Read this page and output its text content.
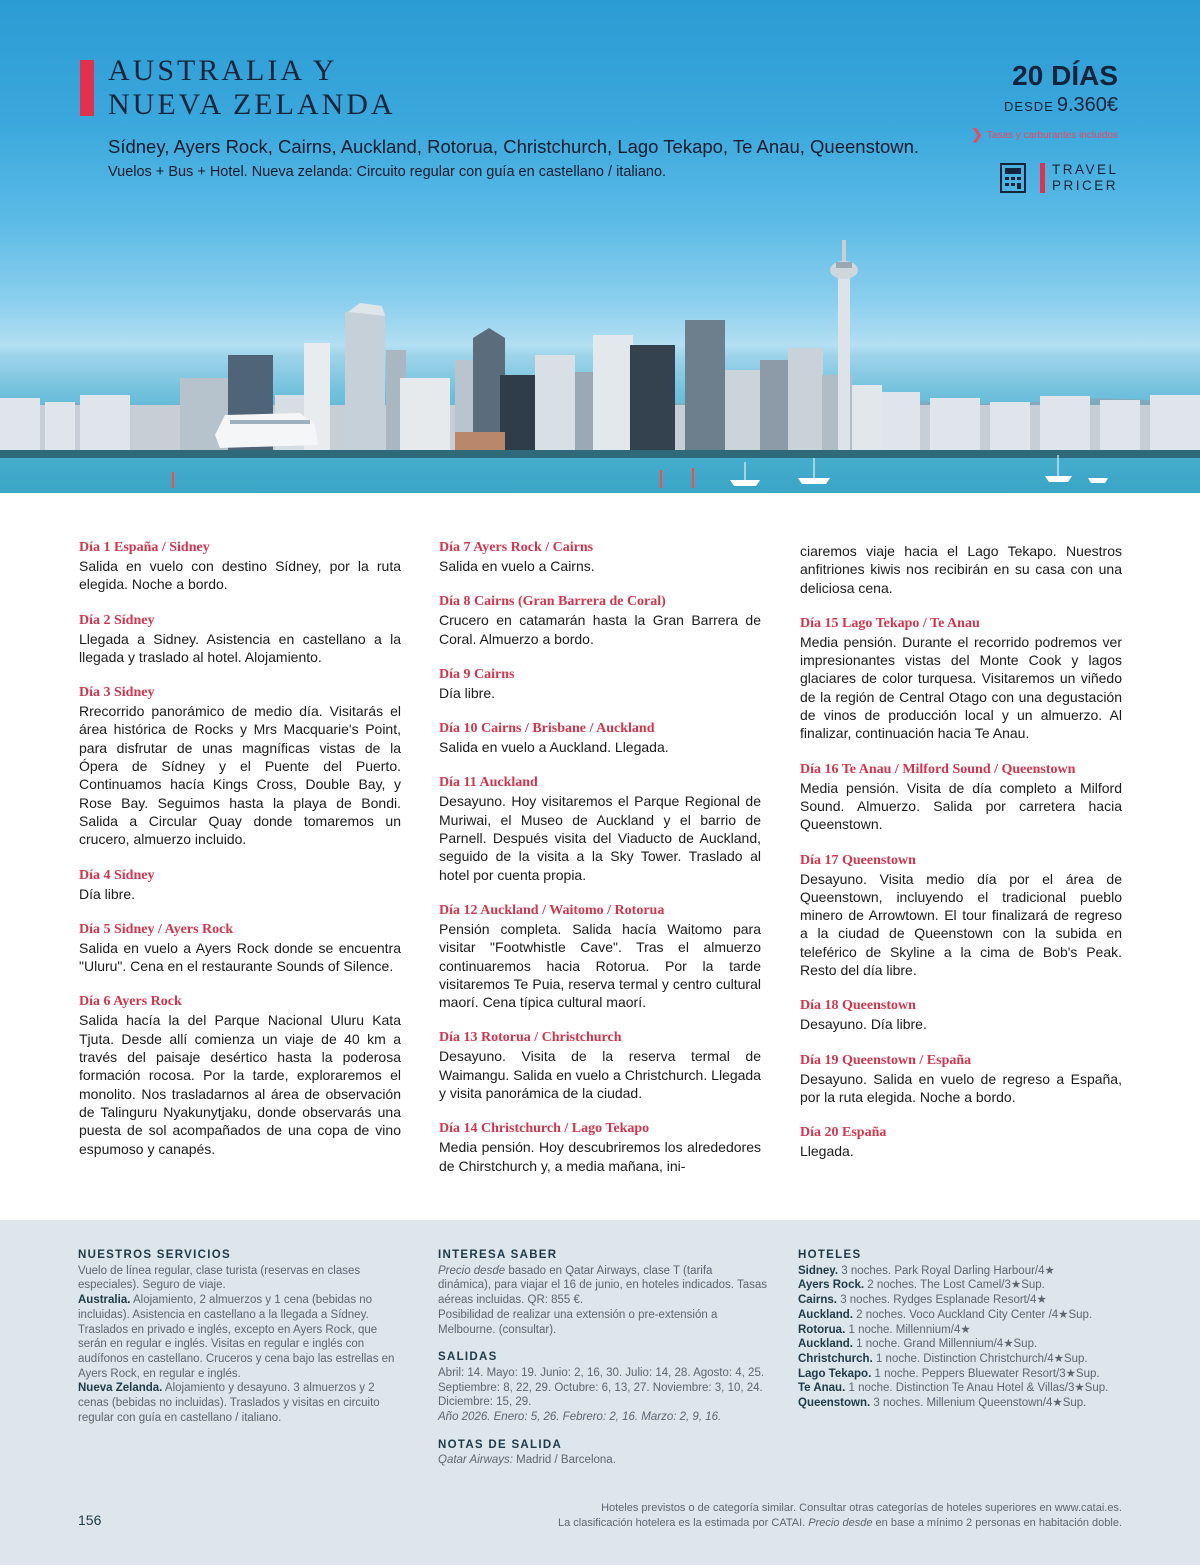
AUSTRALIA Y
NUEVA ZELANDA
Sídney, Ayers Rock, Cairns, Auckland, Rotorua, Christchurch, Lago Tekapo, Te Anau, Queenstown.
Vuelos + Bus + Hotel. Nueva zelanda: Circuito regular con guía en castellano / italiano.
20 DÍAS
DESDE 9.360€
❯ Tasas y carburantes incluidos
TRAVEL
PRICER
Día 1 España / Sidney
Salida en vuelo con destino Sídney, por la ruta elegida. Noche a bordo.
Día 2 Sídney
Llegada a Sidney. Asistencia en castellano a la llegada y traslado al hotel. Alojamiento.
Día 3 Sidney
Rrecorrido panorámico de medio día. Visitarás el área histórica de Rocks y Mrs Macquarie's Point, para disfrutar de unas magníficas vistas de la Ópera de Sídney y el Puente del Puerto. Continuamos hacía Kings Cross, Double Bay, y Rose Bay. Seguimos hasta la playa de Bondi. Salida a Circular Quay donde tomaremos un crucero, almuerzo incluido.
Día 4 Sídney
Día libre.
Día 5 Sidney / Ayers Rock
Salida en vuelo a Ayers Rock donde se encuentra "Uluru". Cena en el restaurante Sounds of Silence.
Día 6 Ayers Rock
Salida hacía la del Parque Nacional Uluru Kata Tjuta. Desde allí comienza un viaje de 40 km a través del paisaje desértico hasta la poderosa formación rocosa. Por la tarde, exploraremos el monolito. Nos trasladarnos al área de observación de Talinguru Nyakunytjaku, donde observarás una puesta de sol acompañados de una copa de vino espumoso y canapés.
Día 7 Ayers Rock / Cairns
Salida en vuelo a Cairns.
Día 8 Cairns (Gran Barrera de Coral)
Crucero en catamarán hasta la Gran Barrera de Coral. Almuerzo a bordo.
Día 9 Cairns
Día libre.
Día 10 Cairns / Brisbane / Auckland
Salida en vuelo a Auckland. Llegada.
Día 11 Auckland
Desayuno. Hoy visitaremos el Parque Regional de Muriwai, el Museo de Auckland y el barrio de Parnell. Después visita del Viaducto de Auckland, seguido de la visita a la Sky Tower. Traslado al hotel por cuenta propia.
Día 12 Auckland / Waitomo / Rotorua
Pensión completa. Salida hacía Waitomo para visitar "Footwhistle Cave". Tras el almuerzo continuaremos hacia Rotorua. Por la tarde visitaremos Te Puia, reserva termal y centro cultural maorí. Cena típica cultural maorí.
Día 13 Rotorua / Christchurch
Desayuno. Visita de la reserva termal de Waimangu. Salida en vuelo a Christchurch. Llegada y visita panorámica de la ciudad.
Día 14 Christchurch / Lago Tekapo
Media pensión. Hoy descubriremos los alrededores de Chirstchurch y, a media mañana, ini-
ciaremos viaje hacia el Lago Tekapo. Nuestros anfitriones kiwis nos recibirán en su casa con una deliciosa cena.
Día 15 Lago Tekapo / Te Anau
Media pensión. Durante el recorrido podremos ver impresionantes vistas del Monte Cook y lagos glaciares de color turquesa. Visitaremos un viñedo de la región de Central Otago con una degustación de vinos de producción local y un almuerzo. Al finalizar, continuación hacia Te Anau.
Día 16 Te Anau / Milford Sound / Queenstown
Media pensión. Visita de día completo a Milford Sound. Almuerzo. Salida por carretera hacia Queenstown.
Día 17 Queenstown
Desayuno. Visita medio día por el área de Queenstown, incluyendo el tradicional pueblo minero de Arrowtown. El tour finalizará de regreso a la ciudad de Queenstown con la subida en teleférico de Skyline a la cima de Bob's Peak. Resto del día libre.
Día 18 Queenstown
Desayuno. Día libre.
Día 19 Queenstown / España
Desayuno. Salida en vuelo de regreso a España, por la ruta elegida. Noche a bordo.
Día 20 España
Llegada.
NUESTROS SERVICIOS
Vuelo de línea regular, clase turista (reservas en clases especiales). Seguro de viaje.
Australia. Alojamiento, 2 almuerzos y 1 cena (bebidas no incluidas). Asistencia en castellano a la llegada a Sídney. Traslados en privado e inglés, excepto en Ayers Rock, que serán en regular e inglés. Visitas en regular e inglés con audífonos en castellano. Cruceros y cena bajo las estrellas en Ayers Rock, en regular e inglés.
Nueva Zelanda. Alojamiento y desayuno. 3 almuerzos y 2 cenas (bebidas no incluidas). Traslados y visitas en circuito regular con guía en castellano / italiano.
INTERESA SABER
Precio desde basado en Qatar Airways, clase T (tarifa dinámica), para viajar el 16 de junio, en hoteles indicados. Tasas aéreas incluidas. QR: 855 €.
Posibilidad de realizar una extensión o pre-extensión a Melbourne. (consultar).
SALIDAS
Abril: 14. Mayo: 19. Junio: 2, 16, 30. Julio: 14, 28. Agosto: 4, 25. Septiembre: 8, 22, 29. Octubre: 6, 13, 27. Noviembre: 3, 10, 24. Diciembre: 15, 29.
Año 2026. Enero: 5, 26. Febrero: 2, 16. Marzo: 2, 9, 16.
NOTAS DE SALIDA
Qatar Airways: Madrid / Barcelona.
HOTELES
Sidney. 3 noches. Park Royal Darling Harbour/4★
Ayers Rock. 2 noches. The Lost Camel/3★Sup.
Cairns. 3 noches. Rydges Esplanade Resort/4★
Auckland. 2 noches. Voco Auckland City Center /4★Sup.
Rotorua. 1 noche. Millennium/4★
Auckland. 1 noche. Grand Millennium/4★Sup.
Christchurch. 1 noche. Distinction Christchurch/4★Sup.
Lago Tekapo. 1 noche. Peppers Bluewater Resort/3★Sup.
Te Anau. 1 noche. Distinction Te Anau Hotel & Villas/3★Sup.
Queenstown. 3 noches. Millenium Queenstown/4★Sup.
156
Hoteles previstos o de categoría similar. Consultar otras categorías de hoteles superiores en www.catai.es.
La clasificación hotelera es la estimada por CATAI. Precio desde en base a mínimo 2 personas en habitación doble.
